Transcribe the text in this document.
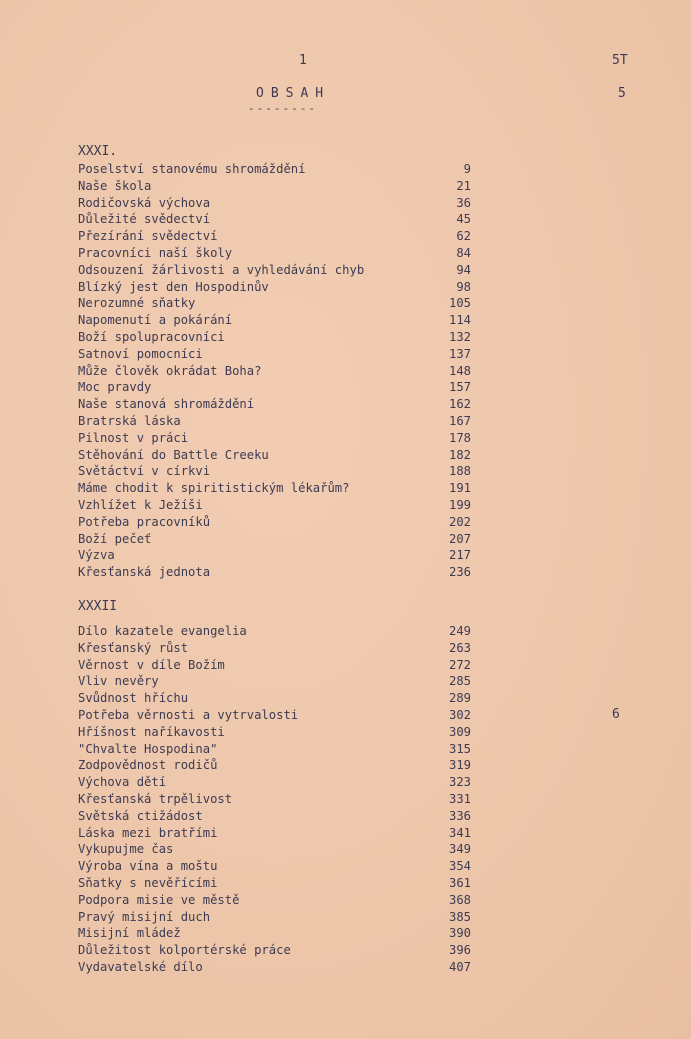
1	5T
5
OBSAH
--------
XXXI.
Poselství stanovému shromáždění	9
Naše škola	21
Rodičovská výchova	36
Důležité svědectví	45
Přezírání svědectví	62
Pracovníci naší školy	84
Odsouzení žárlivosti a vyhledávání chyb	94
Blízký jest den Hospodinův	98
Nerozumné sňatky	105
Napomenutí a pokárání	114
Boží spolupracovníci	132
Satnoví pomocníci	137
Může člověk okrádat Boha?	148
Moc pravdy	157
Naše stanová shromáždění	162
Bratrská láska	167
Pilnost v práci	178
Stěhování do Battle Creeku	182
Světáctví v církvi	188
Máme chodit k spiritistickým lékařům?	191
Vzhlížet k Ježíši	199
Potřeba pracovníků	202
Boží pečeť	207
Výzva	217
Křesťanská jednota	236
XXXII
Dílo kazatele evangelia	249
Křesťanský růst	263
Věrnost v díle Božím	272
Vliv nevěry	285
Svůdnost hříchu	289
Potřeba věrnosti a vytrvalosti	302
Hříšnost naříkavosti	309
"Chvalte Hospodina"	315
Zodpovědnost rodičů	319
Výchova dětí	323
Křesťanská trpělivost	331
Světská ctižádost	336
Láska mezi bratřími	341
Vykupujme čas	349
Výroba vína a moštu	354
Sňatky s nevěřícími	361
Podpora misie ve městě	368
Pravý misijní duch	385
Misijní mládež	390
Důležitost kolportérské práce	396
Vydavatelské dílo	407
6
